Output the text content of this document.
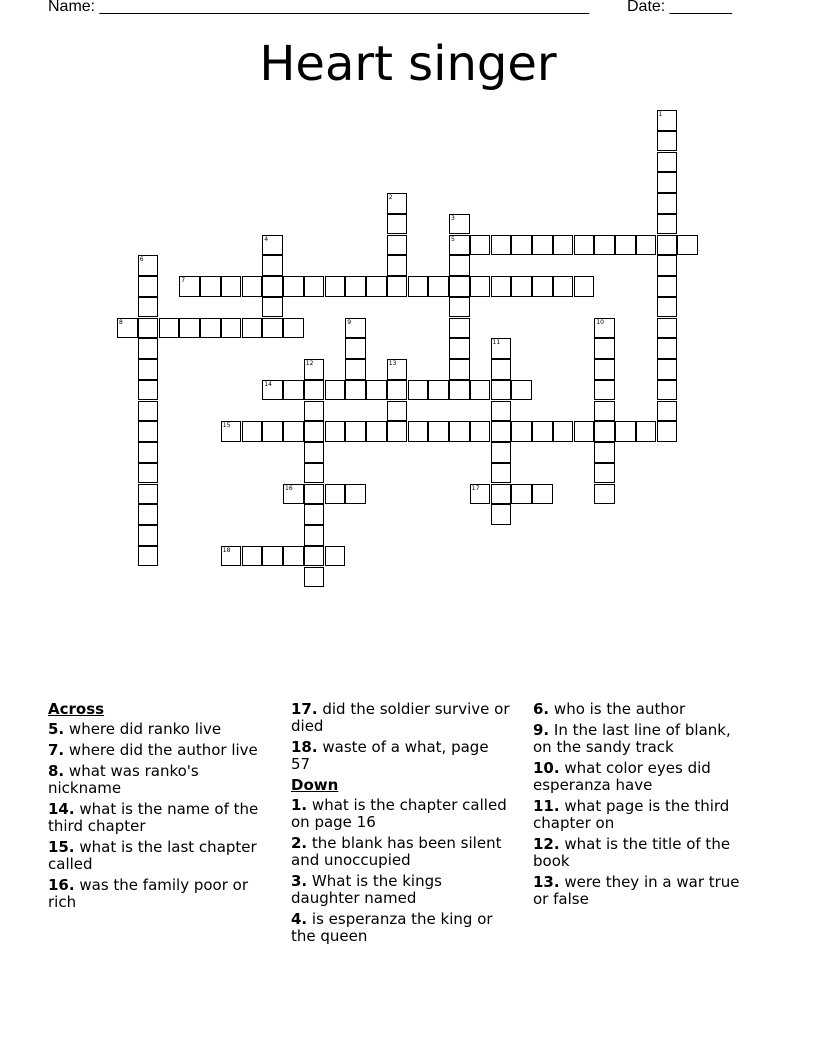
Name: _______________________________________________________ Date: _______
Heart singer
1
2
3
5
4
6
7
8	9	10
11
12	13
14
15
16	17
18
Across
5. where did ranko live
7. where did the author live
8. what was ranko's nickname
14. what is the name of the third chapter
15. what is the last chapter called
16. was the family poor or rich
17. did the soldier survive or died
18. waste of a what, page 57
Down
1. what is the chapter called on page 16
2. the blank has been silent and unoccupied
3. What is the kings daughter named
4. is esperanza the king or the queen
6. who is the author
9. In the last line of blank, on the sandy track
10. what color eyes did esperanza have
11. what page is the third chapter on
12. what is the title of the book
13. were they in a war true or false
